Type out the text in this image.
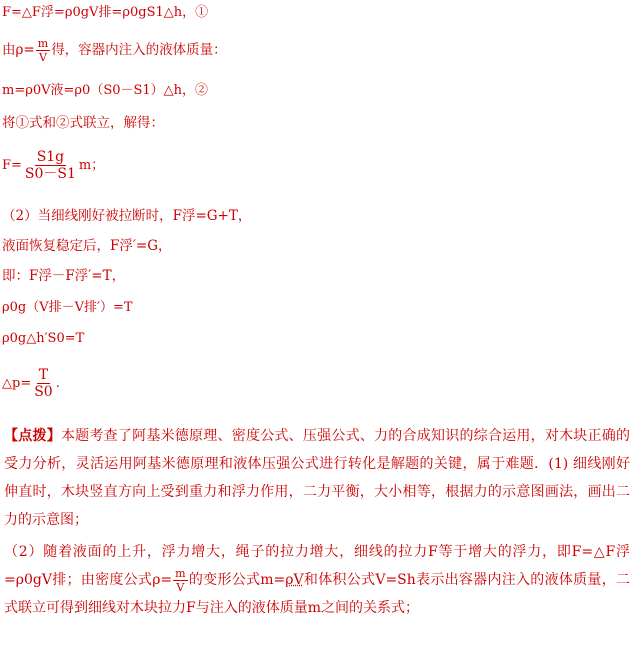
F=△F浮=ρ0gV排=ρ0gS1△h，①
由$\rho= \frac{m}{V}$ 得，容器内注入的液体质量：
m=ρ0V液=ρ0（S0－S1）△h，②
将①式和②式联立，解得：
$F= \frac{S1g}{S0-S1}$ m；
（2）当细线刚好被拉断时，F浮=G+T，
液面恢复稳定后，F浮′=G，
即：F浮－F浮′=T，
ρ0g（V排－V排′）=T
ρ0g△h′S0=T
△p= $\frac{T}{S0}$ .
【点拨】本题考查了阿基米德原理、密度公式、压强公式、力的合成知识的综合运用，对木块正确的受力分析，灵活运用阿基米德原理和液体压强公式进行转化是解题的关键，属于难题．(1) 细线刚好伸直时，木块竖直方向上受到重力和浮力作用，二力平衡，大小相等，根据力的示意图画法，画出二力的示意图；
（2）随着液面的上升，浮力增大，绳子的拉力增大，细线的拉力F等于增大的浮力，即F=△F浮=ρ0gV排；由密度公式$\rho= \frac{m}{V}$ 的变形公式m=ρV和体积公式V=Sh表示出容器内注入的液体质量，二式联立可得到细线对木块拉力F与注入的液体质量m之间的关系式；
